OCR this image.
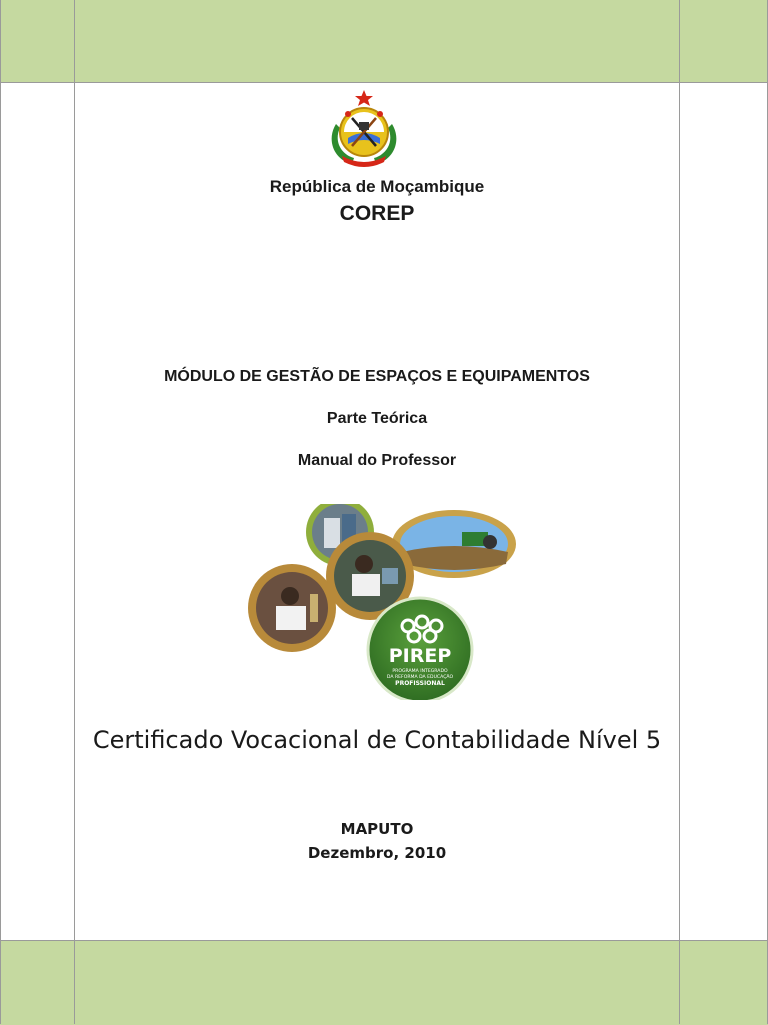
República de Moçambique
COREP
MÓDULO DE GESTÃO DE ESPAÇOS E EQUIPAMENTOS
Parte Teórica
Manual do Professor
PIREP
PROGRAMA INTEGRADO
DA REFORMA DA EDUCAÇÃO
PROFISSIONAL
Certificado Vocacional de Contabilidade Nível 5
MAPUTO
Dezembro, 2010
